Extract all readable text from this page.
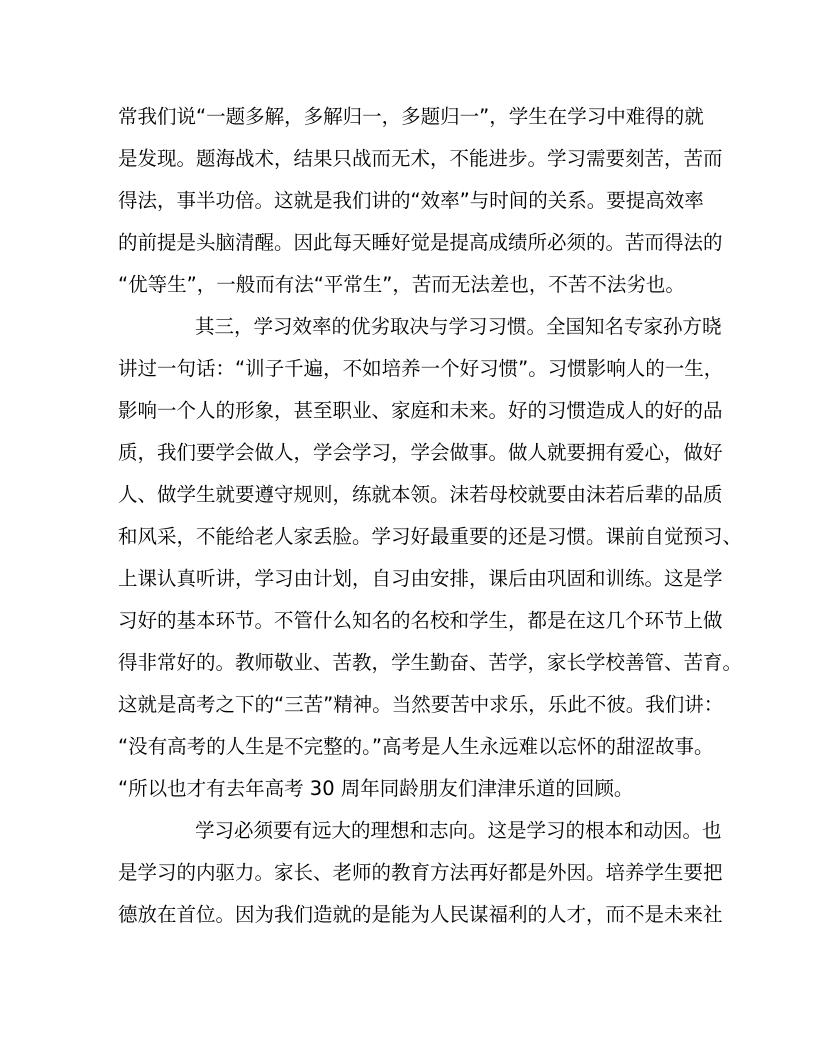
常我们说“一题多解，多解归一，多题归一”，学生在学习中难得的就
是发现。题海战术，结果只战而无术，不能进步。学习需要刻苦，苦而
得法，事半功倍。这就是我们讲的“效率”与时间的关系。要提高效率
的前提是头脑清醒。因此每天睡好觉是提高成绩所必须的。苦而得法的
“优等生”，一般而有法“平常生”，苦而无法差也，不苦不法劣也。
其三，学习效率的优劣取决与学习习惯。全国知名专家孙方晓
讲过一句话：“训子千遍，不如培养一个好习惯”。习惯影响人的一生，
影响一个人的形象，甚至职业、家庭和未来。好的习惯造成人的好的品
质，我们要学会做人，学会学习，学会做事。做人就要拥有爱心，做好
人、做学生就要遵守规则，练就本领。沫若母校就要由沫若后辈的品质
和风采，不能给老人家丢脸。学习好最重要的还是习惯。课前自觉预习、
上课认真听讲，学习由计划，自习由安排，课后由巩固和训练。这是学
习好的基本环节。不管什么知名的名校和学生，都是在这几个环节上做
得非常好的。教师敬业、苦教，学生勤奋、苦学，家长学校善管、苦育。
这就是高考之下的“三苦”精神。当然要苦中求乐，乐此不彼。我们讲：
“没有高考的人生是不完整的。”高考是人生永远难以忘怀的甜涩故事。
“所以也才有去年高考 30 周年同龄朋友们津津乐道的回顾。
学习必须要有远大的理想和志向。这是学习的根本和动因。也
是学习的内驱力。家长、老师的教育方法再好都是外因。培养学生要把
德放在首位。因为我们造就的是能为人民谋福利的人才，而不是未来社
